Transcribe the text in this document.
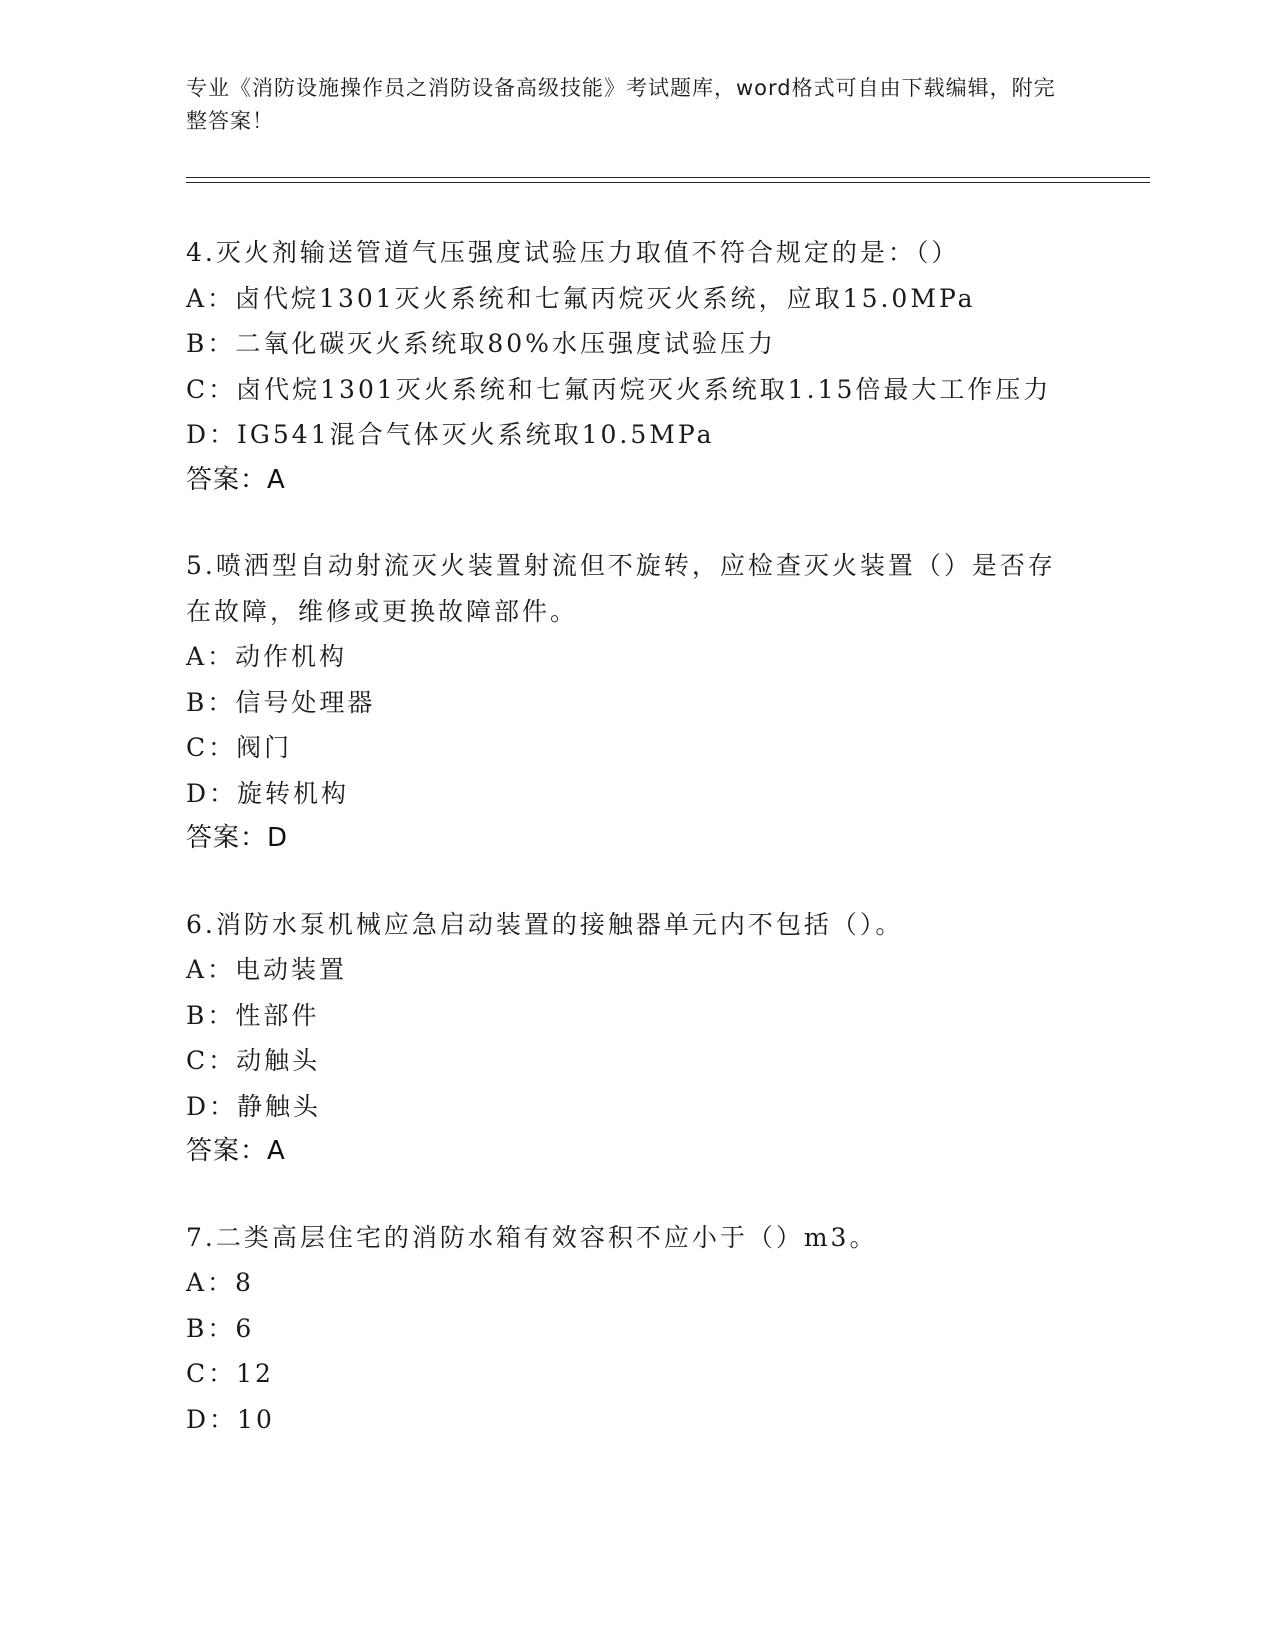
专业《消防设施操作员之消防设备高级技能》考试题库，word格式可自由下载编辑，附完整答案！
4.灭火剂输送管道气压强度试验压力取值不符合规定的是：（）
A：卤代烷1301灭火系统和七氟丙烷灭火系统，应取15.0MPa
B：二氧化碳灭火系统取80%水压强度试验压力
C：卤代烷1301灭火系统和七氟丙烷灭火系统取1.15倍最大工作压力
D：IG541混合气体灭火系统取10.5MPa
答案：A
5.喷洒型自动射流灭火装置射流但不旋转，应检查灭火装置（）是否存在故障，维修或更换故障部件。
A：动作机构
B：信号处理器
C：阀门
D：旋转机构
答案：D
6.消防水泵机械应急启动装置的接触器单元内不包括（）。
A：电动装置
B：性部件
C：动触头
D：静触头
答案：A
7.二类高层住宅的消防水箱有效容积不应小于（）m3。
A：8
B：6
C：12
D：10
